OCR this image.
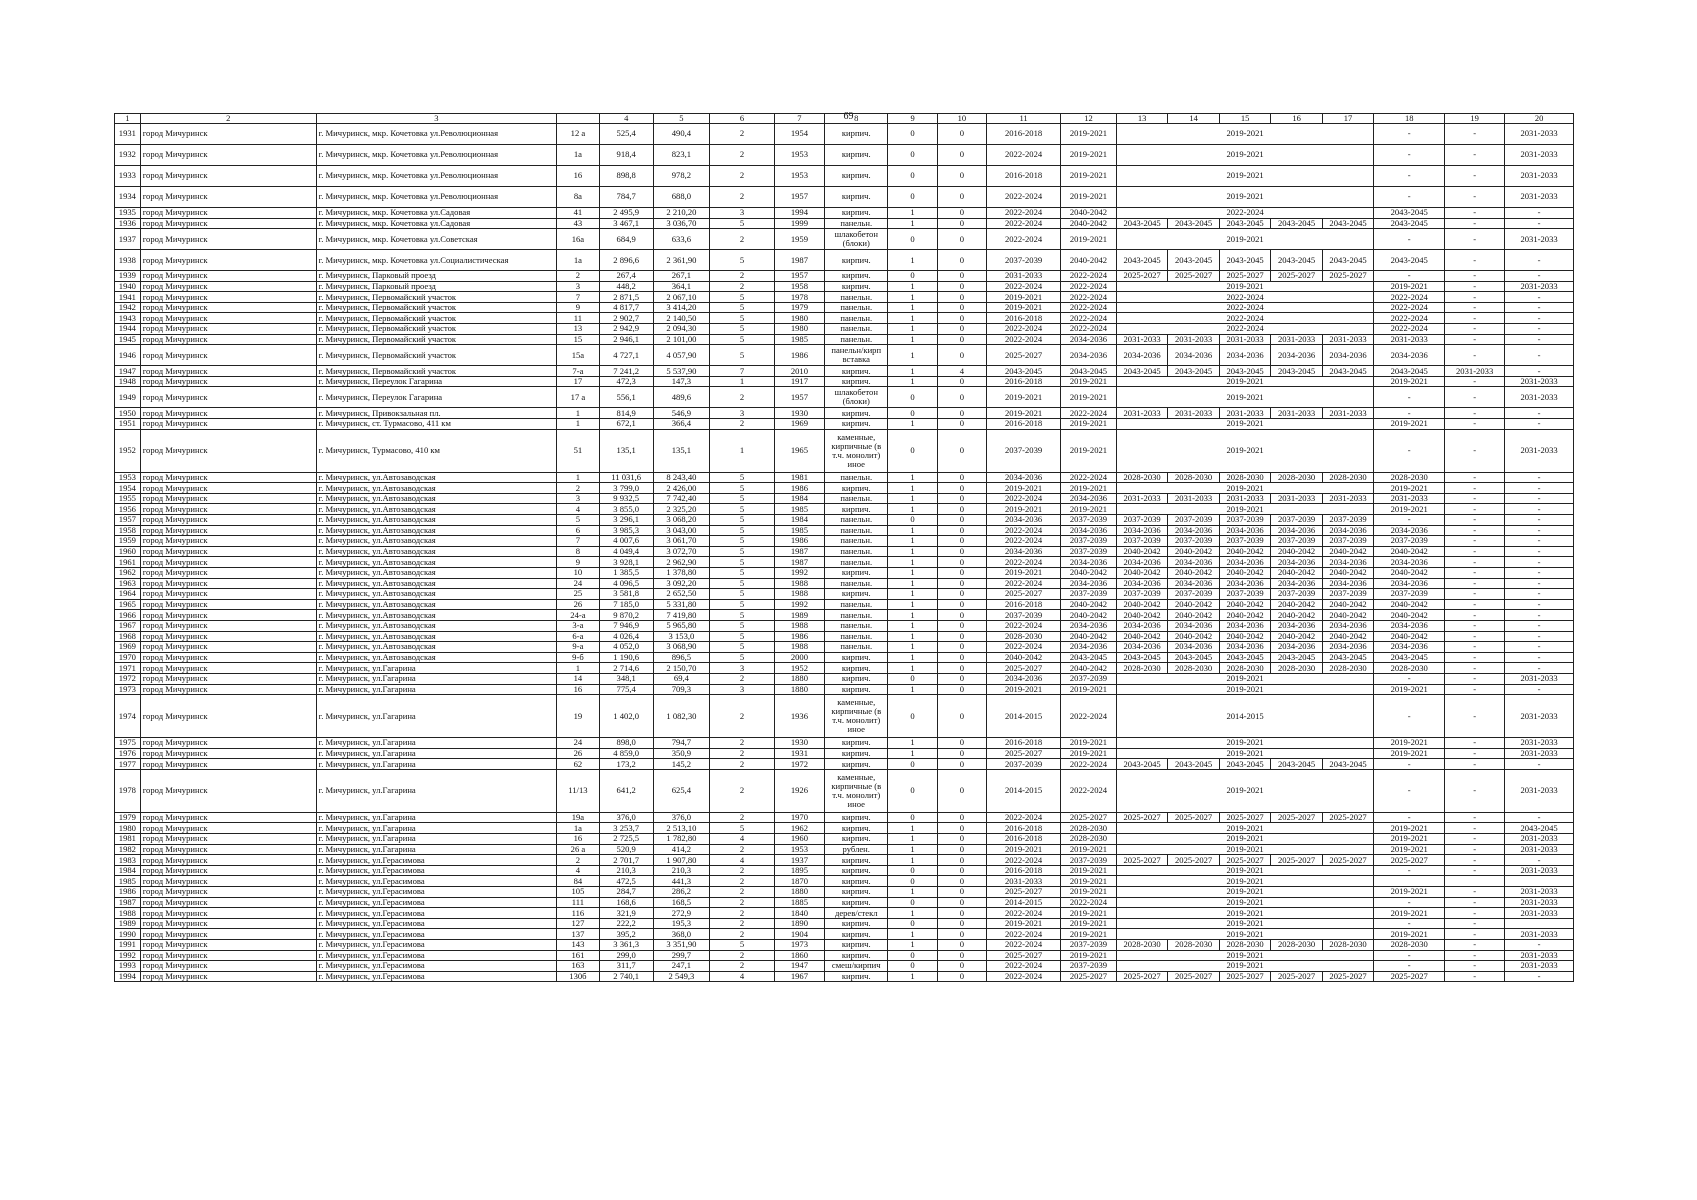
69
1	2	3		4	5	6	7	8	9	10	11	12	13	14	15	16	17	18	19	20
1931	город Мичуринск	г. Мичуринск, мкр. Кочетовка ул.Революционная	12 а	525,4	490,4	2	1954	кирпич.	0	0	2016-2018	2019-2021	2019-2021					-	-	2031-2033
1932	город Мичуринск	г. Мичуринск, мкр. Кочетовка ул.Революционная	1а	918,4	823,1	2	1953	кирпич.	0	0	2022-2024	2019-2021	2019-2021					-	-	2031-2033
1933	город Мичуринск	г. Мичуринск, мкр. Кочетовка ул.Революционная	16	898,8	978,2	2	1953	кирпич.	0	0	2016-2018	2019-2021	2019-2021					-	-	2031-2033
1934	город Мичуринск	г. Мичуринск, мкр. Кочетовка ул.Революционная	8а	784,7	688,0	2	1957	кирпич.	0	0	2022-2024	2019-2021	2019-2021					-	-	2031-2033
1935	город Мичуринск	г. Мичуринск, мкр. Кочетовка ул.Садовая	41	2 495,9	2 210,20	3	1994	кирпич.	1	0	2022-2024	2040-2042	2022-2024					2043-2045	-	-
1936	город Мичуринск	г. Мичуринск, мкр. Кочетовка ул.Садовая	43	3 467,1	3 036,70	5	1999	панельн.	1	0	2022-2024	2040-2042	2043-2045	2043-2045	2043-2045	2043-2045	2043-2045	2043-2045	-	-
1937	город Мичуринск	г. Мичуринск, мкр. Кочетовка ул.Советская	16а	684,9	633,6	2	1959	шлакобетон (блоки)	0	0	2022-2024	2019-2021	2019-2021					-	-	2031-2033
1938	город Мичуринск	г. Мичуринск, мкр. Кочетовка ул.Социалистическая	1а	2 896,6	2 361,90	5	1987	кирпич.	1	0	2037-2039	2040-2042	2043-2045	2043-2045	2043-2045	2043-2045	2043-2045	2043-2045	-	-
1939	город Мичуринск	г. Мичуринск, Парковый проезд	2	267,4	267,1	2	1957	кирпич.	0	0	2031-2033	2022-2024	2025-2027	2025-2027	2025-2027	2025-2027	2025-2027	-	-	-
1940	город Мичуринск	г. Мичуринск, Парковый проезд	3	448,2	364,1	2	1958	кирпич.	1	0	2022-2024	2022-2024	2019-2021					2019-2021	-	2031-2033
1941	город Мичуринск	г. Мичуринск, Первомайский участок	7	2 871,5	2 067,10	5	1978	панельн.	1	0	2019-2021	2022-2024	2022-2024					2022-2024	-	-
1942	город Мичуринск	г. Мичуринск, Первомайский участок	9	4 817,7	3 414,20	5	1979	панельн.	1	0	2019-2021	2022-2024	2022-2024					2022-2024	-	-
1943	город Мичуринск	г. Мичуринск, Первомайский участок	11	2 902,7	2 140,50	5	1980	панельн.	1	0	2016-2018	2022-2024	2022-2024					2022-2024	-	-
1944	город Мичуринск	г. Мичуринск, Первомайский участок	13	2 942,9	2 094,30	5	1980	панельн.	1	0	2022-2024	2022-2024	2022-2024					2022-2024	-	-
1945	город Мичуринск	г. Мичуринск, Первомайский участок	15	2 946,1	2 101,00	5	1985	панельн.	1	0	2022-2024	2034-2036	2031-2033	2031-2033	2031-2033	2031-2033	2031-2033	2031-2033	-	-
1946	город Мичуринск	г. Мичуринск, Первомайский участок	15а	4 727,1	4 057,90	5	1986	панельн/кирп вставка	1	0	2025-2027	2034-2036	2034-2036	2034-2036	2034-2036	2034-2036	2034-2036	2034-2036	-	-
1947	город Мичуринск	г. Мичуринск, Первомайский участок	7-а	7 241,2	5 537,90	7	2010	кирпич.	1	4	2043-2045	2043-2045	2043-2045	2043-2045	2043-2045	2043-2045	2043-2045	2043-2045	2031-2033	-
1948	город Мичуринск	г. Мичуринск, Переулок Гагарина	17	472,3	147,3	1	1917	кирпич.	1	0	2016-2018	2019-2021	2019-2021					2019-2021	-	2031-2033
1949	город Мичуринск	г. Мичуринск, Переулок Гагарина	17 а	556,1	489,6	2	1957	шлакобетон (блоки)	0	0	2019-2021	2019-2021	2019-2021					-	-	2031-2033
1950	город Мичуринск	г. Мичуринск, Привокзальная пл.	1	814,9	546,9	3	1930	кирпич.	0	0	2019-2021	2022-2024	2031-2033	2031-2033	2031-2033	2031-2033	2031-2033	-	-	-
1951	город Мичуринск	г. Мичуринск, ст. Турмасово, 411 км	1	672,1	366,4	2	1969	кирпич.	1	0	2016-2018	2019-2021	2019-2021					2019-2021	-	-
1952	город Мичуринск	г. Мичуринск, Турмасово, 410 км	51	135,1	135,1	1	1965	каменные, кирпичные (в т.ч. монолит) иное	0	0	2037-2039	2019-2021	2019-2021					-	-	2031-2033
1953	город Мичуринск	г. Мичуринск, ул.Автозаводская	1	11 031,6	8 243,40	5	1981	панельн.	1	0	2034-2036	2022-2024	2028-2030	2028-2030	2028-2030	2028-2030	2028-2030	2028-2030	-	-
1954	город Мичуринск	г. Мичуринск, ул.Автозаводская	2	3 799,0	2 426,00	5	1986	кирпич.	1	0	2019-2021	2019-2021	2019-2021					2019-2021	-	-
1955	город Мичуринск	г. Мичуринск, ул.Автозаводская	3	9 932,5	7 742,40	5	1984	панельн.	1	0	2022-2024	2034-2036	2031-2033	2031-2033	2031-2033	2031-2033	2031-2033	2031-2033	-	-
1956	город Мичуринск	г. Мичуринск, ул.Автозаводская	4	3 855,0	2 325,20	5	1985	кирпич.	1	0	2019-2021	2019-2021	2019-2021					2019-2021	-	-
1957	город Мичуринск	г. Мичуринск, ул.Автозаводская	5	3 296,1	3 068,20	5	1984	панельн.	0	0	2034-2036	2037-2039	2037-2039	2037-2039	2037-2039	2037-2039	2037-2039	-	-	-
1958	город Мичуринск	г. Мичуринск, ул.Автозаводская	6	3 985,3	3 043,00	5	1985	панельн.	1	0	2022-2024	2034-2036	2034-2036	2034-2036	2034-2036	2034-2036	2034-2036	2034-2036	-	-
1959	город Мичуринск	г. Мичуринск, ул.Автозаводская	7	4 007,6	3 061,70	5	1986	панельн.	1	0	2022-2024	2037-2039	2037-2039	2037-2039	2037-2039	2037-2039	2037-2039	2037-2039	-	-
1960	город Мичуринск	г. Мичуринск, ул.Автозаводская	8	4 049,4	3 072,70	5	1987	панельн.	1	0	2034-2036	2037-2039	2040-2042	2040-2042	2040-2042	2040-2042	2040-2042	2040-2042	-	-
1961	город Мичуринск	г. Мичуринск, ул.Автозаводская	9	3 928,1	2 962,90	5	1987	панельн.	1	0	2022-2024	2034-2036	2034-2036	2034-2036	2034-2036	2034-2036	2034-2036	2034-2036	-	-
1962	город Мичуринск	г. Мичуринск, ул.Автозаводская	10	1 385,5	1 378,80	5	1992	кирпич.	1	0	2019-2021	2040-2042	2040-2042	2040-2042	2040-2042	2040-2042	2040-2042	2040-2042	-	-
1963	город Мичуринск	г. Мичуринск, ул.Автозаводская	24	4 096,5	3 092,20	5	1988	панельн.	1	0	2022-2024	2034-2036	2034-2036	2034-2036	2034-2036	2034-2036	2034-2036	2034-2036	-	-
1964	город Мичуринск	г. Мичуринск, ул.Автозаводская	25	3 581,8	2 652,50	5	1988	кирпич.	1	0	2025-2027	2037-2039	2037-2039	2037-2039	2037-2039	2037-2039	2037-2039	2037-2039	-	-
1965	город Мичуринск	г. Мичуринск, ул.Автозаводская	26	7 185,0	5 331,80	5	1992	панельн.	1	0	2016-2018	2040-2042	2040-2042	2040-2042	2040-2042	2040-2042	2040-2042	2040-2042	-	-
1966	город Мичуринск	г. Мичуринск, ул.Автозаводская	24-а	9 870,2	7 419,80	5	1989	панельн.	1	0	2037-2039	2040-2042	2040-2042	2040-2042	2040-2042	2040-2042	2040-2042	2040-2042	-	-
1967	город Мичуринск	г. Мичуринск, ул.Автозаводская	3-а	7 946,9	5 965,80	5	1988	панельн.	1	0	2022-2024	2034-2036	2034-2036	2034-2036	2034-2036	2034-2036	2034-2036	2034-2036	-	-
1968	город Мичуринск	г. Мичуринск, ул.Автозаводская	6-а	4 026,4	3 153,0	5	1986	панельн.	1	0	2028-2030	2040-2042	2040-2042	2040-2042	2040-2042	2040-2042	2040-2042	2040-2042	-	-
1969	город Мичуринск	г. Мичуринск, ул.Автозаводская	9-а	4 052,0	3 068,90	5	1988	панельн.	1	0	2022-2024	2034-2036	2034-2036	2034-2036	2034-2036	2034-2036	2034-2036	2034-2036	-	-
1970	город Мичуринск	г. Мичуринск, ул.Автозаводская	9-б	1 190,6	896,5	5	2000	кирпич.	1	0	2040-2042	2043-2045	2043-2045	2043-2045	2043-2045	2043-2045	2043-2045	2043-2045	-	-
1971	город Мичуринск	г. Мичуринск, ул.Гагарина	1	2 714,6	2 150,70	3	1952	кирпич.	1	0	2025-2027	2040-2042	2028-2030	2028-2030	2028-2030	2028-2030	2028-2030	2028-2030	-	-
1972	город Мичуринск	г. Мичуринск, ул.Гагарина	14	348,1	69,4	2	1880	кирпич.	0	0	2034-2036	2037-2039	2019-2021					-	-	2031-2033
1973	город Мичуринск	г. Мичуринск, ул.Гагарина	16	775,4	709,3	3	1880	кирпич.	1	0	2019-2021	2019-2021	2019-2021					2019-2021	-	-
1974	город Мичуринск	г. Мичуринск, ул.Гагарина	19	1 402,0	1 082,30	2	1936	каменные, кирпичные (в т.ч. монолит) иное	0	0	2014-2015	2022-2024	2014-2015					-	-	2031-2033
1975	город Мичуринск	г. Мичуринск, ул.Гагарина	24	898,0	794,7	2	1930	кирпич.	1	0	2016-2018	2019-2021	2019-2021					2019-2021	-	2031-2033
1976	город Мичуринск	г. Мичуринск, ул.Гагарина	26	4 859,0	350,9	2	1931	кирпич.	1	0	2025-2027	2019-2021	2019-2021					2019-2021	-	2031-2033
1977	город Мичуринск	г. Мичуринск, ул.Гагарина	62	173,2	145,2	2	1972	кирпич.	0	0	2037-2039	2022-2024	2043-2045	2043-2045	2043-2045	2043-2045	2043-2045	-	-	-
1978	город Мичуринск	г. Мичуринск, ул.Гагарина	11/13	641,2	625,4	2	1926	каменные, кирпичные (в т.ч. монолит) иное	0	0	2014-2015	2022-2024	2019-2021					-	-	2031-2033
1979	город Мичуринск	г. Мичуринск, ул.Гагарина	19а	376,0	376,0	2	1970	кирпич.	0	0	2022-2024	2025-2027	2025-2027	2025-2027	2025-2027	2025-2027	2025-2027	-	-	-
1980	город Мичуринск	г. Мичуринск, ул.Гагарина	1а	3 253,7	2 513,10	5	1962	кирпич.	1	0	2016-2018	2028-2030	2019-2021					2019-2021	-	2043-2045
1981	город Мичуринск	г. Мичуринск, ул.Гагарина	16	2 725,5	1 782,80	4	1960	кирпич.	1	0	2016-2018	2028-2030	2019-2021					2019-2021	-	2031-2033
1982	город Мичуринск	г. Мичуринск, ул.Гагарина	26 а	520,9	414,2	2	1953	рублен.	1	0	2019-2021	2019-2021	2019-2021					2019-2021	-	2031-2033
1983	город Мичуринск	г. Мичуринск, ул.Герасимова	2	2 701,7	1 907,80	4	1937	кирпич.	1	0	2022-2024	2037-2039	2025-2027	2025-2027	2025-2027	2025-2027	2025-2027	2025-2027	-	-
1984	город Мичуринск	г. Мичуринск, ул.Герасимова	4	210,3	210,3	2	1895	кирпич.	0	0	2016-2018	2019-2021	2019-2021					-	-	2031-2033
1985	город Мичуринск	г. Мичуринск, ул.Герасимова	84	472,5	441,3	2	1870	кирпич.	0	0	2031-2033	2019-2021	2019-2021							
1986	город Мичуринск	г. Мичуринск, ул.Герасимова	105	284,7	286,2	2	1880	кирпич.	1	0	2025-2027	2019-2021	2019-2021					2019-2021	-	2031-2033
1987	город Мичуринск	г. Мичуринск, ул.Герасимова	111	168,6	168,5	2	1885	кирпич.	0	0	2014-2015	2022-2024	2019-2021					-	-	2031-2033
1988	город Мичуринск	г. Мичуринск, ул.Герасимова	116	321,9	272,9	2	1840	дерев/стекл	1	0	2022-2024	2019-2021	2019-2021					2019-2021	-	2031-2033
1989	город Мичуринск	г. Мичуринск, ул.Герасимова	127	222,2	195,3	2	1890	кирпич.	0	0	2019-2021	2019-2021	2019-2021					-	-	
1990	город Мичуринск	г. Мичуринск, ул.Герасимова	137	395,2	368,0	2	1904	кирпич.	1	0	2022-2024	2019-2021	2019-2021					2019-2021	-	2031-2033
1991	город Мичуринск	г. Мичуринск, ул.Герасимова	143	3 361,3	3 351,90	5	1973	кирпич.	1	0	2022-2024	2037-2039	2028-2030	2028-2030	2028-2030	2028-2030	2028-2030	2028-2030	-	-
1992	город Мичуринск	г. Мичуринск, ул.Герасимова	161	299,0	299,7	2	1860	кирпич.	0	0	2025-2027	2019-2021	2019-2021					-	-	2031-2033
1993	город Мичуринск	г. Мичуринск, ул.Герасимова	163	311,7	247,1	2	1947	смеш/кирпич	0	0	2022-2024	2037-2039	2019-2021					-	-	2031-2033
1994	город Мичуринск	г. Мичуринск, ул.Герасимова	130б	2 740,1	2 549,3	4	1967	кирпич.	1	0	2022-2024	2025-2027	2025-2027	2025-2027	2025-2027	2025-2027	2025-2027	2025-2027	-	-
